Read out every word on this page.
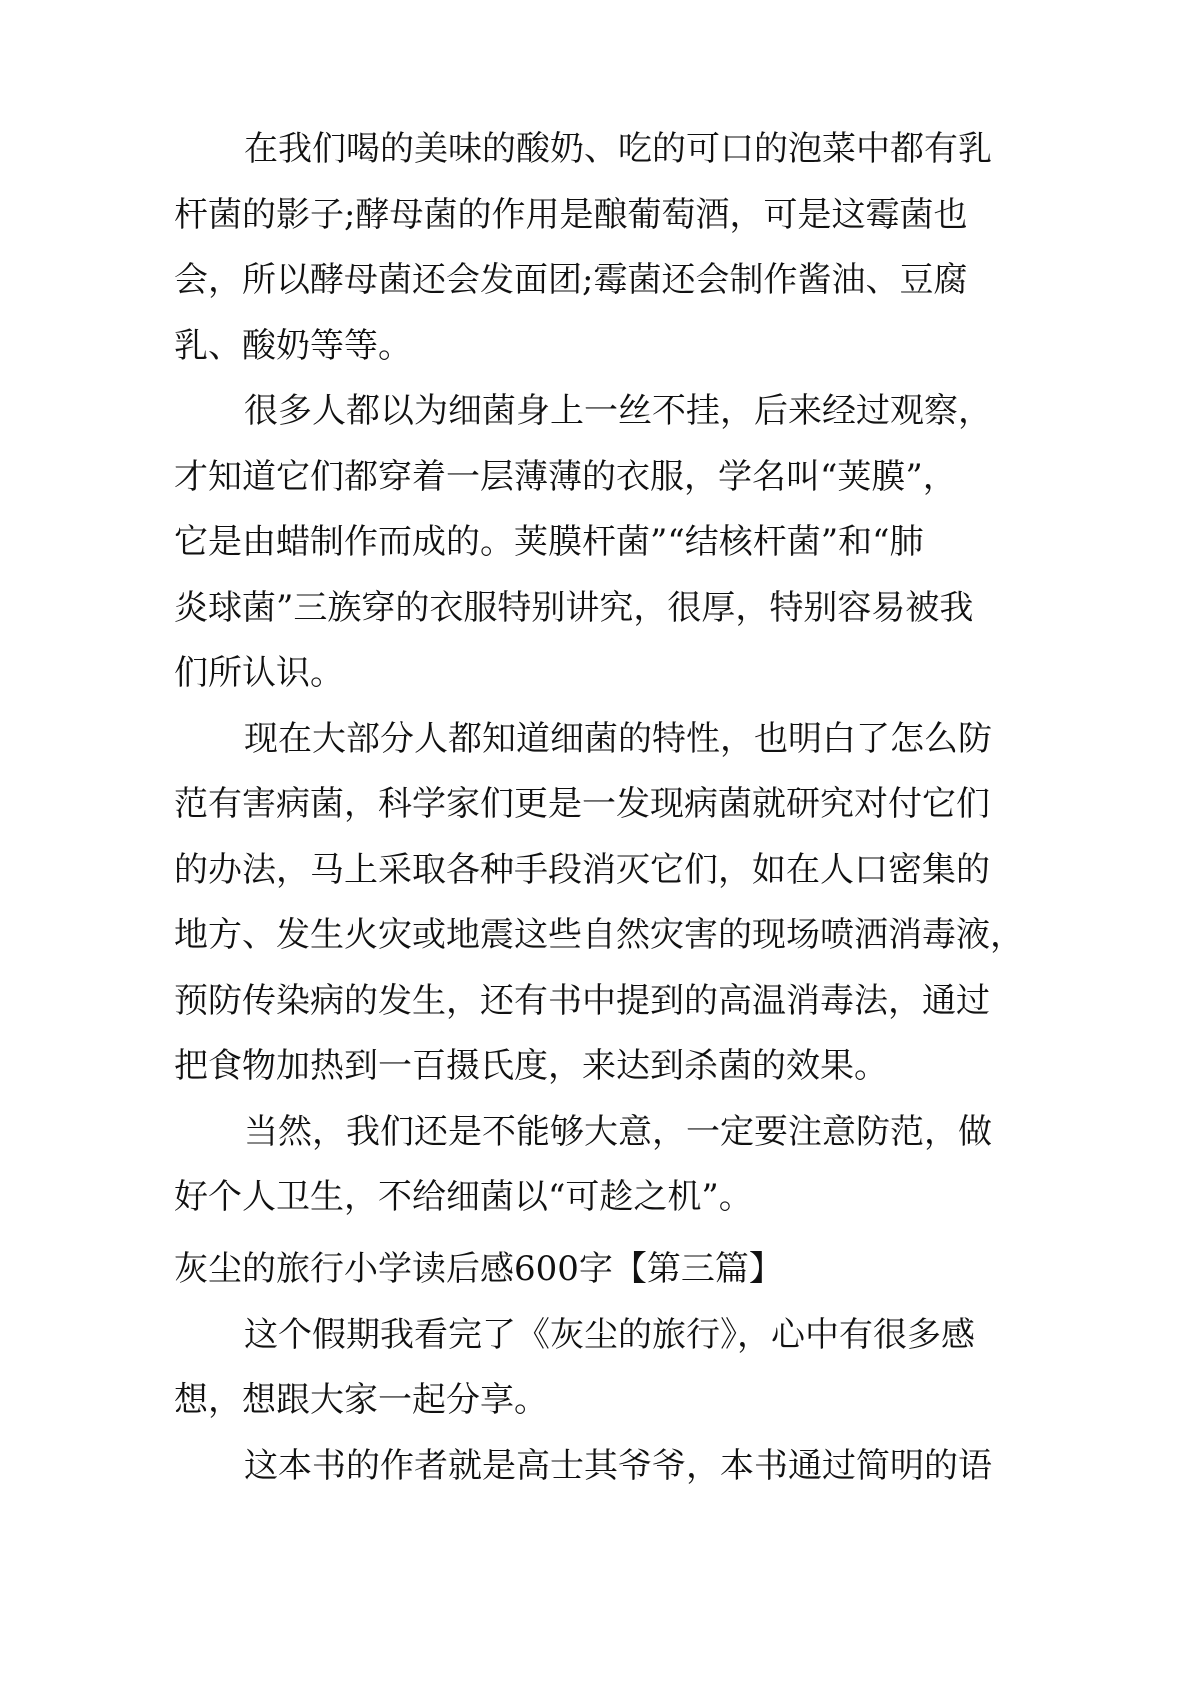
在我们喝的美味的酸奶、吃的可口的泡菜中都有乳
杆菌的影子;酵母菌的作用是酿葡萄酒，可是这霉菌也
会，所以酵母菌还会发面团;霉菌还会制作酱油、豆腐
乳、酸奶等等。

很多人都以为细菌身上一丝不挂，后来经过观察，
才知道它们都穿着一层薄薄的衣服，学名叫“荚膜”，
它是由蜡制作而成的。荚膜杆菌”“结核杆菌”和“肺
炎球菌”三族穿的衣服特别讲究，很厚，特别容易被我
们所认识。

现在大部分人都知道细菌的特性，也明白了怎么防
范有害病菌，科学家们更是一发现病菌就研究对付它们
的办法，马上采取各种手段消灭它们，如在人口密集的
地方、发生火灾或地震这些自然灾害的现场喷洒消毒液，
预防传染病的发生，还有书中提到的高温消毒法，通过
把食物加热到一百摄氏度，来达到杀菌的效果。

当然，我们还是不能够大意，一定要注意防范，做
好个人卫生，不给细菌以“可趁之机”。

灰尘的旅行小学读后感600字【第三篇】

这个假期我看完了《灰尘的旅行》，心中有很多感
想，想跟大家一起分享。

这本书的作者就是高士其爷爷，本书通过简明的语
